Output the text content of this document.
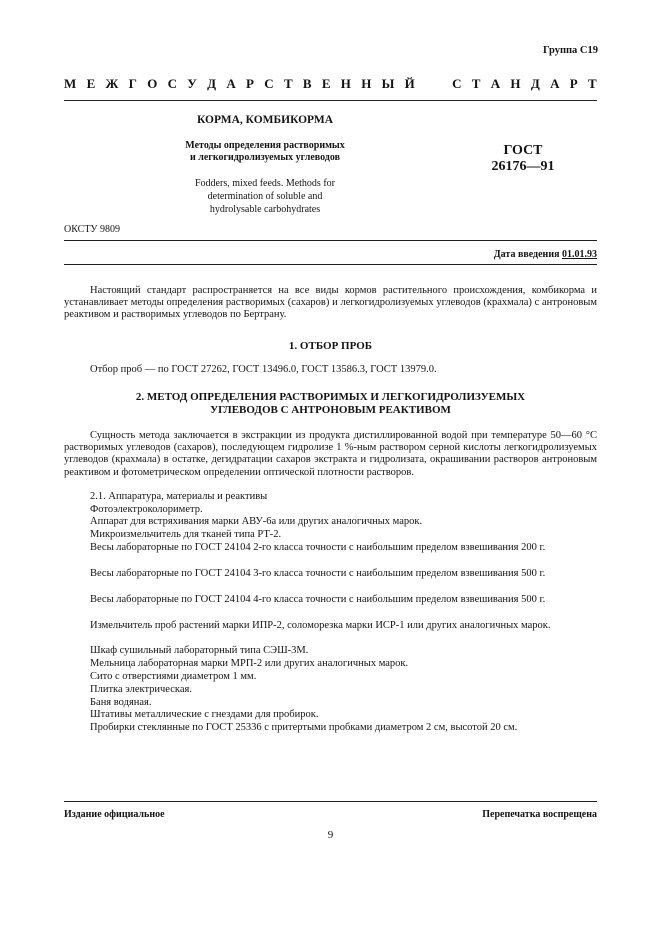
Группа С19
М Е Ж Г О С У Д А Р С Т В Е Н Н Ы Й

	С Т А Н Д А Р Т
КОРМА, КОМБИКОРМА
Методы определения растворимых
и легкогидролизуемых углеводов
Fodders, mixed feeds. Methods for
determination of soluble and
hydrolysable carbohydrates
ГОСТ
26176—91
ОКСТУ 9809
Дата введения 01.01.93
Настоящий стандарт распространяется на все виды кормов растительного происхождения, комбикорма и устанавливает методы определения растворимых (сахаров) и легкогидролизуемых углеводов (крахмала) с антроновым реактивом и растворимых углеводов по Бертрану.
1. ОТБОР ПРОБ
Отбор проб — по ГОСТ 27262, ГОСТ 13496.0, ГОСТ 13586.3, ГОСТ 13979.0.
2. МЕТОД ОПРЕДЕЛЕНИЯ РАСТВОРИМЫХ И ЛЕГКОГИДРОЛИЗУЕМЫХ
УГЛЕВОДОВ С АНТРОНОВЫМ РЕАКТИВОМ
Сущность метода заключается в экстракции из продукта дистиллированной водой при температуре 50—60 °С растворимых углеводов (сахаров), последующем гидролизе 1 %-ным раствором серной кислоты легкогидролизуемых углеводов (крахмала) в остатке, дегидратации сахаров экстракта и гидролизата, окрашивании растворов антроновым реактивом и фотометрическом определении оптической плотности растворов.
2.1. Аппаратура, материалы и реактивы
Фотоэлектроколориметр.
Аппарат для встряхивания марки АВУ-6а или других аналогичных марок.
Микроизмельчитель для тканей типа РТ-2.
Весы лабораторные по ГОСТ 24104 2-го класса точности с наибольшим пределом взвешивания 200 г.
Весы лабораторные по ГОСТ 24104 3-го класса точности с наибольшим пределом взвешивания 500 г.
Весы лабораторные по ГОСТ 24104 4-го класса точности с наибольшим пределом взвешивания 500 г.
Измельчитель проб растений марки ИПР-2, соломорезка марки ИСР-1 или других аналогичных марок.
Шкаф сушильный лабораторный типа СЭШ-3М.
Мельница лабораторная марки МРП-2 или других аналогичных марок.
Сито с отверстиями диаметром 1 мм.
Плитка электрическая.
Баня водяная.
Штативы металлические с гнездами для пробирок.
Пробирки стеклянные по ГОСТ 25336 с притертыми пробками диаметром 2 см, высотой 20 см.
Издание официальное	Перепечатка воспрещена
9
